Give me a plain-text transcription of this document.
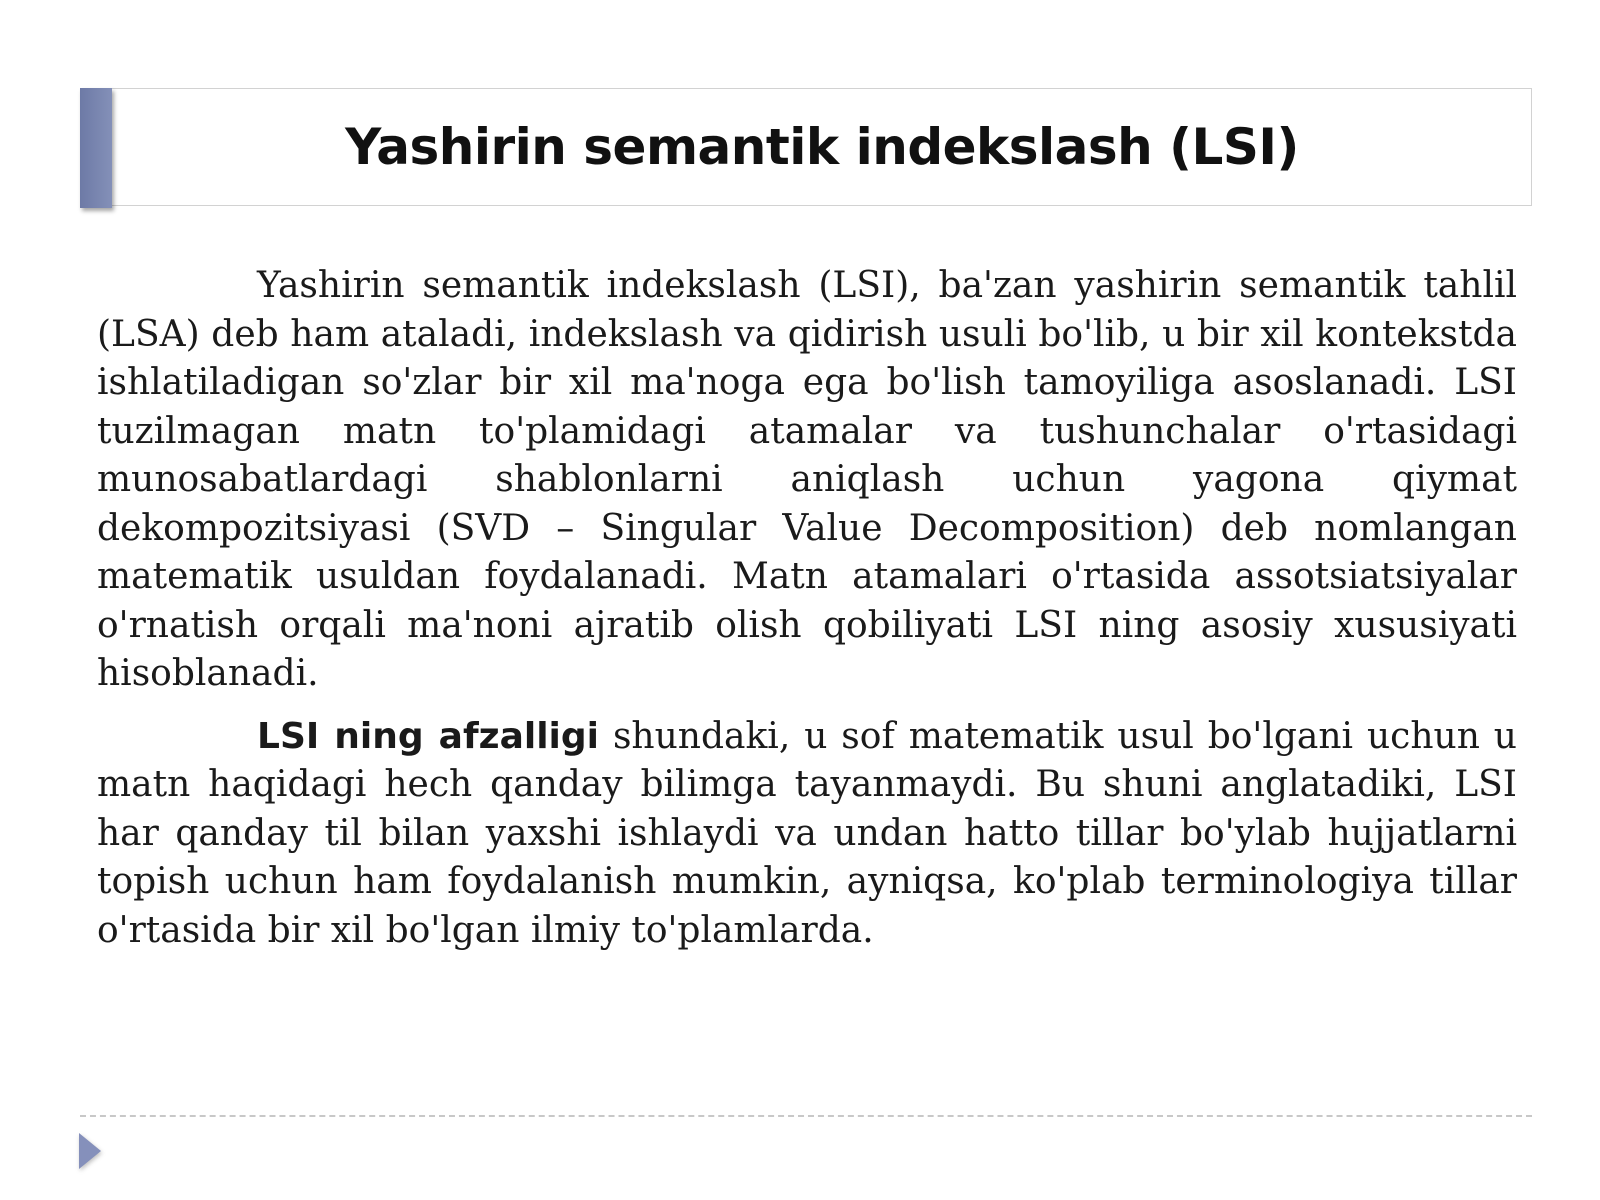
Yashirin semantik indekslash (LSI)

Yashirin semantik indekslash (LSI), ba'zan yashirin semantik tahlil (LSA) deb ham ataladi, indekslash va qidirish usuli bo'lib, u bir xil kontekstda ishlatiladigan so'zlar bir xil ma'noga ega bo'lish tamoyiliga asoslanadi. LSI tuzilmagan matn to'plamidagi atamalar va tushunchalar o'rtasidagi munosabatlardagi shablonlarni aniqlash uchun yagona qiymat dekompozitsiyasi (SVD – Singular Value Decomposition) deb nomlangan matematik usuldan foydalanadi. Matn atamalari o'rtasida assotsiatsiyalar o'rnatish orqali ma'noni ajratib olish qobiliyati LSI ning asosiy xususiyati hisoblanadi.

LSI ning afzalligi shundaki, u sof matematik usul bo'lgani uchun u matn haqidagi hech qanday bilimga tayanmaydi. Bu shuni anglatadiki, LSI har qanday til bilan yaxshi ishlaydi va undan hatto tillar bo'ylab hujjatlarni topish uchun ham foydalanish mumkin, ayniqsa, ko'plab terminologiya tillar o'rtasida bir xil bo'lgan ilmiy to'plamlarda.
